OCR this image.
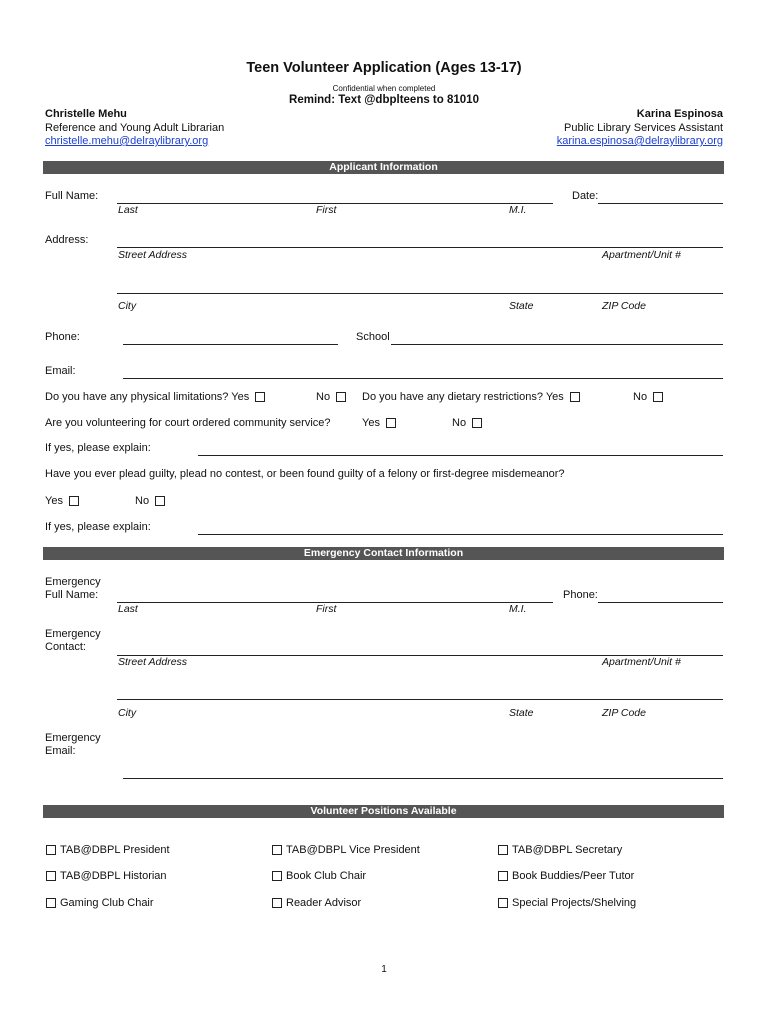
Teen Volunteer Application (Ages 13-17)
Confidential when completed
Remind: Text @dbplteens to 81010
Christelle Mehu
Reference and Young Adult Librarian
christelle.mehu@delraylibrary.org
Karina Espinosa
Public Library Services Assistant
karina.espinosa@delraylibrary.org
Applicant Information
Full Name:	Date:
Last	First	M.I.
Address:
Street Address	Apartment/Unit #
City	State	ZIP Code
Phone:	School
Email:
Do you have any physical limitations? Yes	No	Do you have any dietary restrictions? Yes	No
Are you volunteering for court ordered community service?	Yes	No
If yes, please explain:
Have you ever plead guilty, plead no contest, or been found guilty of a felony or first-degree misdemeanor?
Yes	No
If yes, please explain:
Emergency Contact Information
Emergency
Full Name:	Phone:
Last	First	M.I.
Emergency
Contact:
Street Address	Apartment/Unit #
City	State	ZIP Code
Emergency
Email:
Volunteer Positions Available
TAB@DBPL President	TAB@DBPL Vice President	TAB@DBPL Secretary
TAB@DBPL Historian	Book Club Chair	Book Buddies/Peer Tutor
Gaming Club Chair	Reader Advisor	Special Projects/Shelving
1
